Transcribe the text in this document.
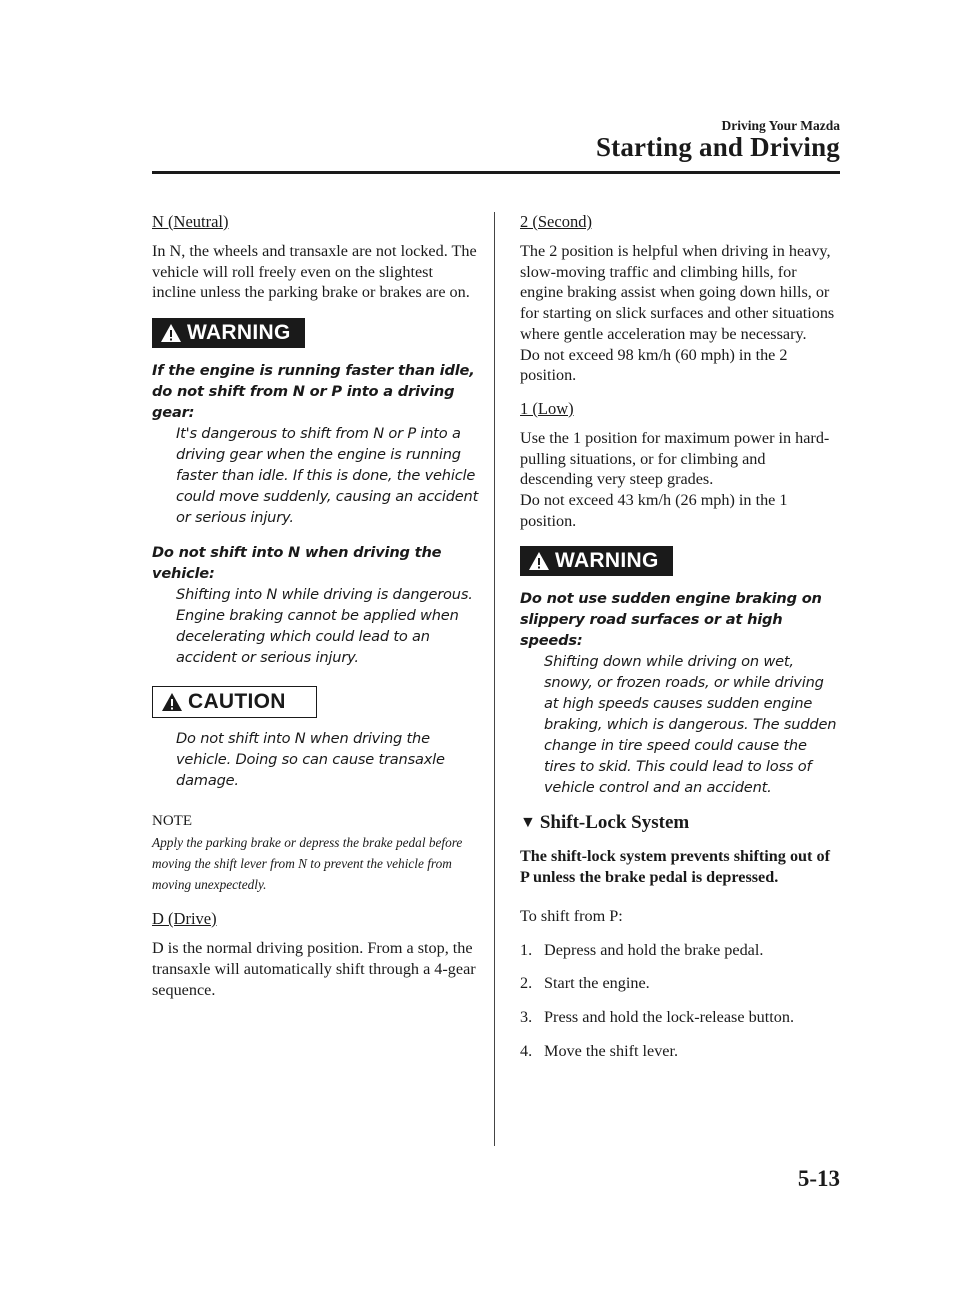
Driving Your Mazda
Starting and Driving
N (Neutral)

In N, the wheels and transaxle are not locked. The vehicle will roll freely even on the slightest incline unless the parking brake or brakes are on.

WARNING

If the engine is running faster than idle, do not shift from N or P into a driving gear:

It's dangerous to shift from N or P into a driving gear when the engine is running faster than idle. If this is done, the vehicle could move suddenly, causing an accident or serious injury.

Do not shift into N when driving the vehicle:

Shifting into N while driving is dangerous. Engine braking cannot be applied when decelerating which could lead to an accident or serious injury.

CAUTION

Do not shift into N when driving the vehicle. Doing so can cause transaxle damage.

NOTE

Apply the parking brake or depress the brake pedal before moving the shift lever from N to prevent the vehicle from moving unexpectedly.

D (Drive)

D is the normal driving position. From a stop, the transaxle will automatically shift through a 4-gear sequence.

2 (Second)

The 2 position is helpful when driving in heavy, slow-moving traffic and climbing hills, for engine braking assist when going down hills, or for starting on slick surfaces and other situations where gentle acceleration may be necessary.

Do not exceed 98 km/h (60 mph) in the 2 position.

1 (Low)

Use the 1 position for maximum power in hard-pulling situations, or for climbing and descending very steep grades.

Do not exceed 43 km/h (26 mph) in the 1 position.

WARNING

Do not use sudden engine braking on slippery road surfaces or at high speeds:

Shifting down while driving on wet, snowy, or frozen roads, or while driving at high speeds causes sudden engine braking, which is dangerous. The sudden change in tire speed could cause the tires to skid. This could lead to loss of vehicle control and an accident.

▼ Shift-Lock System

The shift-lock system prevents shifting out of P unless the brake pedal is depressed.

To shift from P:

1. Depress and hold the brake pedal.
2. Start the engine.
3. Press and hold the lock-release button.
4. Move the shift lever.
5-13
